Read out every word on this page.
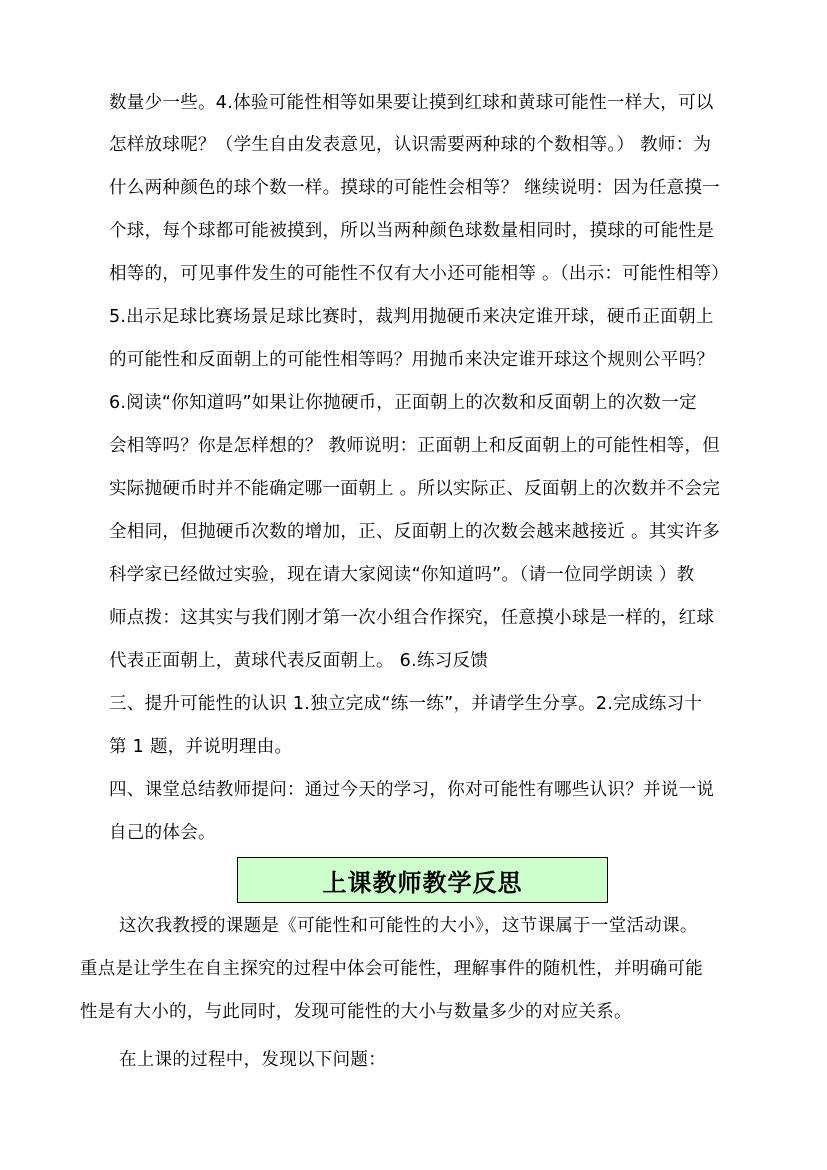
数量少一些。4.体验可能性相等如果要让摸到红球和黄球可能性一样大，可以
怎样放球呢？（学生自由发表意见，认识需要两种球的个数相等。） 教师：为
什么两种颜色的球个数一样。摸球的可能性会相等？ 继续说明：因为任意摸一
个球，每个球都可能被摸到，所以当两种颜色球数量相同时，摸球的可能性是
相等的，可见事件发生的可能性不仅有大小还可能相等 。（出示：可能性相等）
5.出示足球比赛场景足球比赛时，裁判用抛硬币来决定谁开球，硬币正面朝上
的可能性和反面朝上的可能性相等吗？用抛币来决定谁开球这个规则公平吗？
6.阅读“你知道吗”如果让你抛硬币，正面朝上的次数和反面朝上的次数一定
会相等吗？你是怎样想的？ 教师说明：正面朝上和反面朝上的可能性相等，但
实际抛硬币时并不能确定哪一面朝上 。所以实际正、反面朝上的次数并不会完
全相同，但抛硬币次数的增加，正、反面朝上的次数会越来越接近 。其实许多
科学家已经做过实验，现在请大家阅读“你知道吗”。（请一位同学朗读 ）教
师点拨：这其实与我们刚才第一次小组合作探究，任意摸小球是一样的，红球
代表正面朝上，黄球代表反面朝上。 6.练习反馈
三、提升可能性的认识 1.独立完成“练一练”，并请学生分享。2.完成练习十
第 1 题，并说明理由。
四、课堂总结教师提问：通过今天的学习，你对可能性有哪些认识？并说一说
自己的体会。
上课教师教学反思
这次我教授的课题是《可能性和可能性的大小》，这节课属于一堂活动课。
重点是让学生在自主探究的过程中体会可能性，理解事件的随机性，并明确可能
性是有大小的，与此同时，发现可能性的大小与数量多少的对应关系。
在上课的过程中，发现以下问题：
